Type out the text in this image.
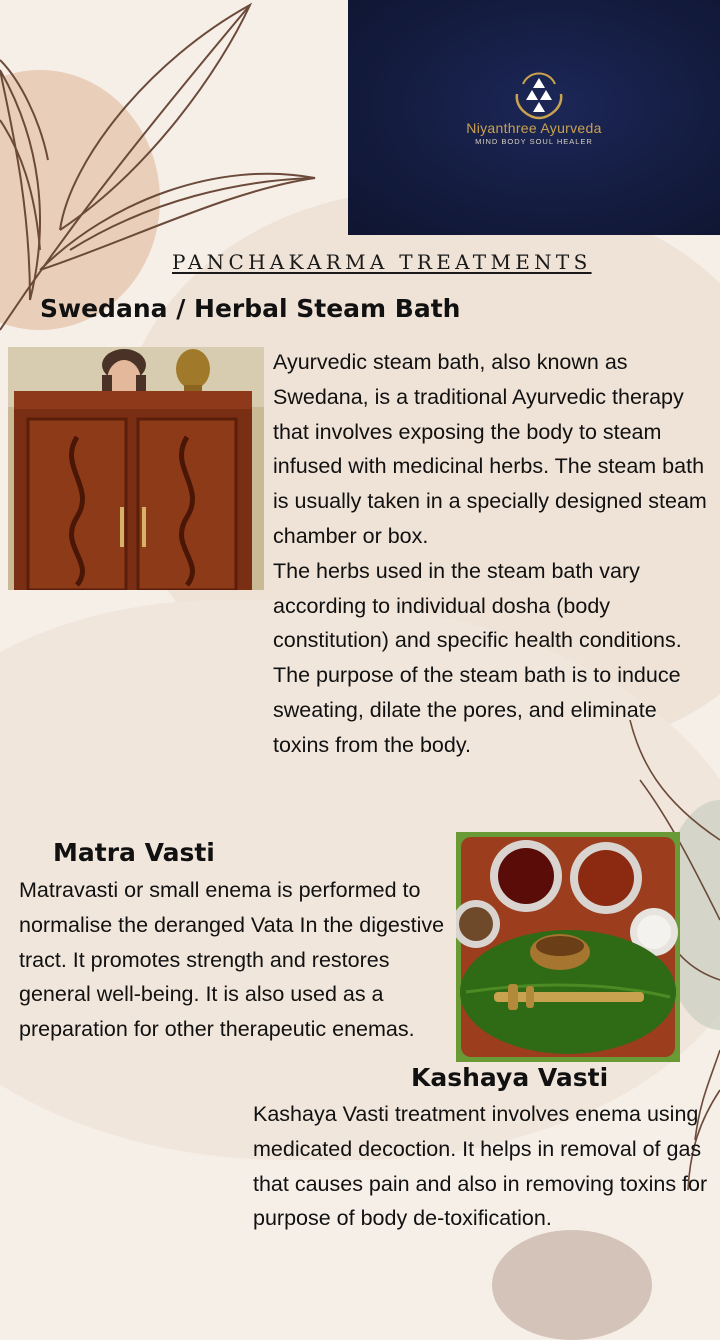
Niyanthree Ayurveda
MIND BODY SOUL HEALER
PANCHAKARMA TREATMENTS
Swedana / Herbal Steam Bath

Ayurvedic steam bath, also known as Swedana, is a traditional Ayurvedic therapy that involves exposing the body to steam infused with medicinal herbs. The steam bath is usually taken in a specially designed steam chamber or box.

The herbs used in the steam bath vary according to individual dosha (body constitution) and specific health conditions.

The purpose of the steam bath is to induce sweating, dilate the pores, and eliminate toxins from the body.

Matra Vasti
Matravasti or small enema is performed to normalise the deranged Vata In the digestive tract. It promotes strength and restores general well-being. It is also used as a preparation for other therapeutic enemas.
Kashaya Vasti
Kashaya Vasti treatment involves enema using medicated decoction. It helps in removal of gas that causes pain and also in removing toxins for purpose of body de-toxification.
